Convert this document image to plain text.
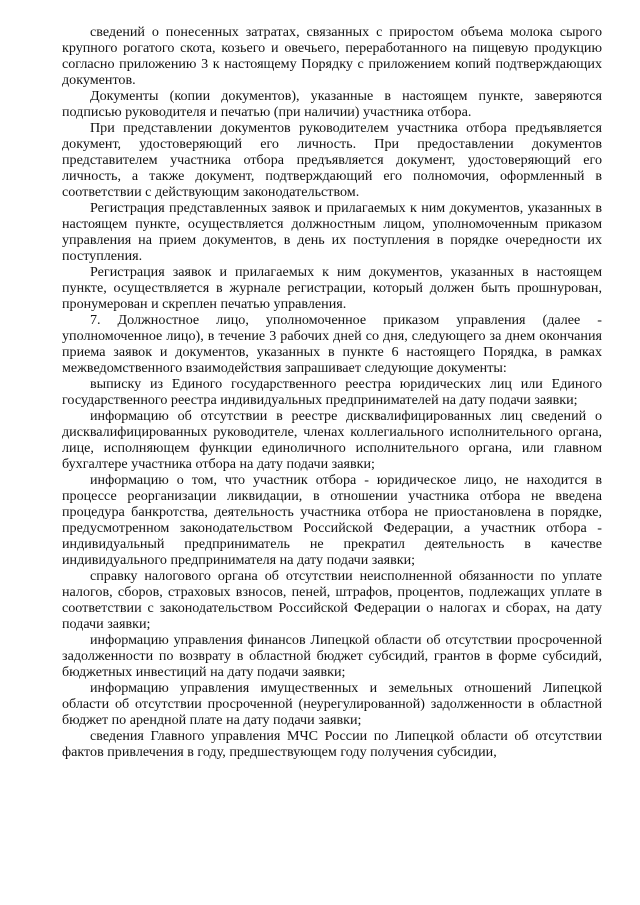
сведений о понесенных затратах, связанных с приростом объема молока сырого крупного рогатого скота, козьего и овечьего, переработанного на пищевую продукцию согласно приложению 3 к настоящему Порядку с приложением копий подтверждающих документов.

Документы (копии документов), указанные в настоящем пункте, заверяются подписью руководителя и печатью (при наличии) участника отбора.

При представлении документов руководителем участника отбора предъявляется документ, удостоверяющий его личность. При предоставлении документов представителем участника отбора предъявляется документ, удостоверяющий его личность, а также документ, подтверждающий его полномочия, оформленный в соответствии с действующим законодательством.

Регистрация представленных заявок и прилагаемых к ним документов, указанных в настоящем пункте, осуществляется должностным лицом, уполномоченным приказом управления на прием документов, в день их поступления в порядке очередности их поступления.

Регистрация заявок и прилагаемых к ним документов, указанных в настоящем пункте, осуществляется в журнале регистрации, который должен быть прошнурован, пронумерован и скреплен печатью управления.

7. Должностное лицо, уполномоченное приказом управления (далее - уполномоченное лицо), в течение 3 рабочих дней со дня, следующего за днем окончания приема заявок и документов, указанных в пункте 6 настоящего Порядка, в рамках межведомственного взаимодействия запрашивает следующие документы:

выписку из Единого государственного реестра юридических лиц или Единого государственного реестра индивидуальных предпринимателей на дату подачи заявки;

информацию об отсутствии в реестре дисквалифицированных лиц сведений о дисквалифицированных руководителе, членах коллегиального исполнительного органа, лице, исполняющем функции единоличного исполнительного органа, или главном бухгалтере участника отбора на дату подачи заявки;

информацию о том, что участник отбора - юридическое лицо, не находится в процессе реорганизации ликвидации, в отношении участника отбора не введена процедура банкротства, деятельность участника отбора не приостановлена в порядке, предусмотренном законодательством Российской Федерации, а участник отбора - индивидуальный предприниматель не прекратил деятельность в качестве индивидуального предпринимателя на дату подачи заявки;

справку налогового органа об отсутствии неисполненной обязанности по уплате налогов, сборов, страховых взносов, пеней, штрафов, процентов, подлежащих уплате в соответствии с законодательством Российской Федерации о налогах и сборах, на дату подачи заявки;

информацию управления финансов Липецкой области об отсутствии просроченной задолженности по возврату в областной бюджет субсидий, грантов в форме субсидий, бюджетных инвестиций на дату подачи заявки;

информацию управления имущественных и земельных отношений Липецкой области об отсутствии просроченной (неурегулированной) задолженности в областной бюджет по арендной плате на дату подачи заявки;

сведения Главного управления МЧС России по Липецкой области об отсутствии фактов привлечения в году, предшествующем году получения субсидии,
